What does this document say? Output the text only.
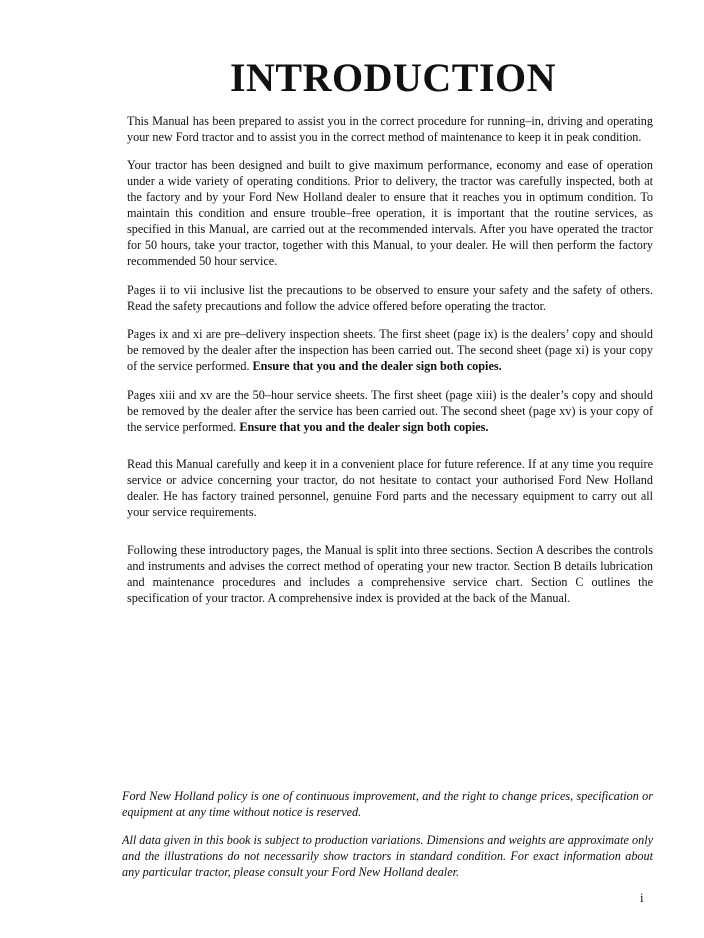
INTRODUCTION

This Manual has been prepared to assist you in the correct procedure for running–in, driving and operating your new Ford tractor and to assist you in the correct method of maintenance to keep it in peak condition.

Your tractor has been designed and built to give maximum performance, economy and ease of operation under a wide variety of operating conditions. Prior to delivery, the tractor was carefully inspected, both at the factory and by your Ford New Holland dealer to ensure that it reaches you in optimum condition. To maintain this condition and ensure trouble–free operation, it is important that the routine services, as specified in this Manual, are carried out at the recommended intervals. After you have operated the tractor for 50 hours, take your tractor, together with this Manual, to your dealer. He will then perform the factory recommended 50 hour service.

Pages ii to vii inclusive list the precautions to be observed to ensure your safety and the safety of others. Read the safety precautions and follow the advice offered before operating the tractor.

Pages ix and xi are pre–delivery inspection sheets. The first sheet (page ix) is the dealers’ copy and should be removed by the dealer after the inspection has been carried out. The second sheet (page xi) is your copy of the service performed. Ensure that you and the dealer sign both copies.

Pages xiii and xv are the 50–hour service sheets. The first sheet (page xiii) is the dealer’s copy and should be removed by the dealer after the service has been carried out. The second sheet (page xv) is your copy of the service performed. Ensure that you and the dealer sign both copies.

Read this Manual carefully and keep it in a convenient place for future reference. If at any time you require service or advice concerning your tractor, do not hesitate to contact your authorised Ford New Holland dealer. He has factory trained personnel, genuine Ford parts and the necessary equipment to carry out all your service requirements.

Following these introductory pages, the Manual is split into three sections. Section A describes the controls and instruments and advises the correct method of operating your new tractor. Section B details lubrication and maintenance procedures and includes a comprehensive service chart. Section C outlines the specification of your tractor. A comprehensive index is provided at the back of the Manual.

Ford New Holland policy is one of continuous improvement, and the right to change prices, specification or equipment at any time without notice is reserved.

All data given in this book is subject to production variations. Dimensions and weights are approximate only and the illustrations do not necessarily show tractors in standard condition. For exact information about any particular tractor, please consult your Ford New Holland dealer.

i
